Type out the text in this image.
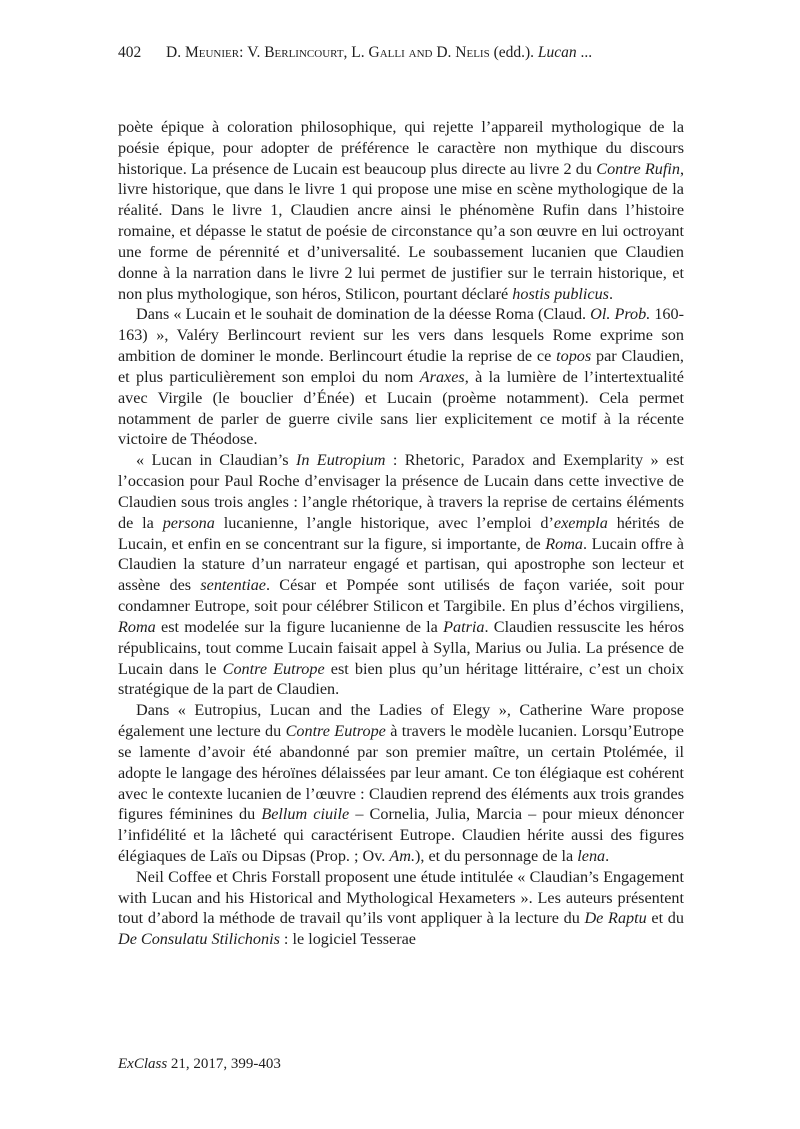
402 D. Meunier: V. Berlincourt, L. Galli and D. Nelis (edd.). Lucan ...

poète épique à coloration philosophique, qui rejette l’appareil mythologique de la poésie épique, pour adopter de préférence le caractère non mythique du discours historique. La présence de Lucain est beaucoup plus directe au livre 2 du Contre Rufin, livre historique, que dans le livre 1 qui propose une mise en scène mythologique de la réalité. Dans le livre 1, Claudien ancre ainsi le phénomène Rufin dans l’histoire romaine, et dépasse le statut de poésie de circonstance qu’a son œuvre en lui octroyant une forme de pérennité et d’universalité. Le soubassement lucanien que Claudien donne à la narration dans le livre 2 lui permet de justifier sur le terrain historique, et non plus mythologique, son héros, Stilicon, pourtant déclaré hostis publicus.

Dans « Lucain et le souhait de domination de la déesse Roma (Claud. Ol. Prob. 160-163) », Valéry Berlincourt revient sur les vers dans lesquels Rome exprime son ambition de dominer le monde. Berlincourt étudie la reprise de ce topos par Claudien, et plus particulièrement son emploi du nom Araxes, à la lumière de l’intertextualité avec Virgile (le bouclier d’Énée) et Lucain (proème notamment). Cela permet notamment de parler de guerre civile sans lier explicitement ce motif à la récente victoire de Théodose.

« Lucan in Claudian’s In Eutropium : Rhetoric, Paradox and Exemplarity » est l’occasion pour Paul Roche d’envisager la présence de Lucain dans cette invective de Claudien sous trois angles : l’angle rhétorique, à travers la reprise de certains éléments de la persona lucanienne, l’angle historique, avec l’emploi d’exempla hérités de Lucain, et enfin en se concentrant sur la figure, si importante, de Roma. Lucain offre à Claudien la stature d’un narrateur engagé et partisan, qui apostrophe son lecteur et assène des sententiae. César et Pompée sont utilisés de façon variée, soit pour condamner Eutrope, soit pour célébrer Stilicon et Targibile. En plus d’échos virgiliens, Roma est modelée sur la figure lucanienne de la Patria. Claudien ressuscite les héros républicains, tout comme Lucain faisait appel à Sylla, Marius ou Julia. La présence de Lucain dans le Contre Eutrope est bien plus qu’un héritage littéraire, c’est un choix stratégique de la part de Claudien.

Dans « Eutropius, Lucan and the Ladies of Elegy », Catherine Ware propose également une lecture du Contre Eutrope à travers le modèle lucanien. Lorsqu’Eutrope se lamente d’avoir été abandonné par son premier maître, un certain Ptolémée, il adopte le langage des héroïnes délaissées par leur amant. Ce ton élégiaque est cohérent avec le contexte lucanien de l’œuvre : Claudien reprend des éléments aux trois grandes figures féminines du Bellum ciuile – Cornelia, Julia, Marcia – pour mieux dénoncer l’infidélité et la lâcheté qui caractérisent Eutrope. Claudien hérite aussi des figures élégiaques de Laïs ou Dipsas (Prop. ; Ov. Am.), et du personnage de la lena.

Neil Coffee et Chris Forstall proposent une étude intitulée « Claudian’s Engagement with Lucan and his Historical and Mythological Hexameters ». Les auteurs présentent tout d’abord la méthode de travail qu’ils vont appliquer à la lecture du De Raptu et du De Consulatu Stilichonis : le logiciel Tesserae

ExClass 21, 2017, 399-403
